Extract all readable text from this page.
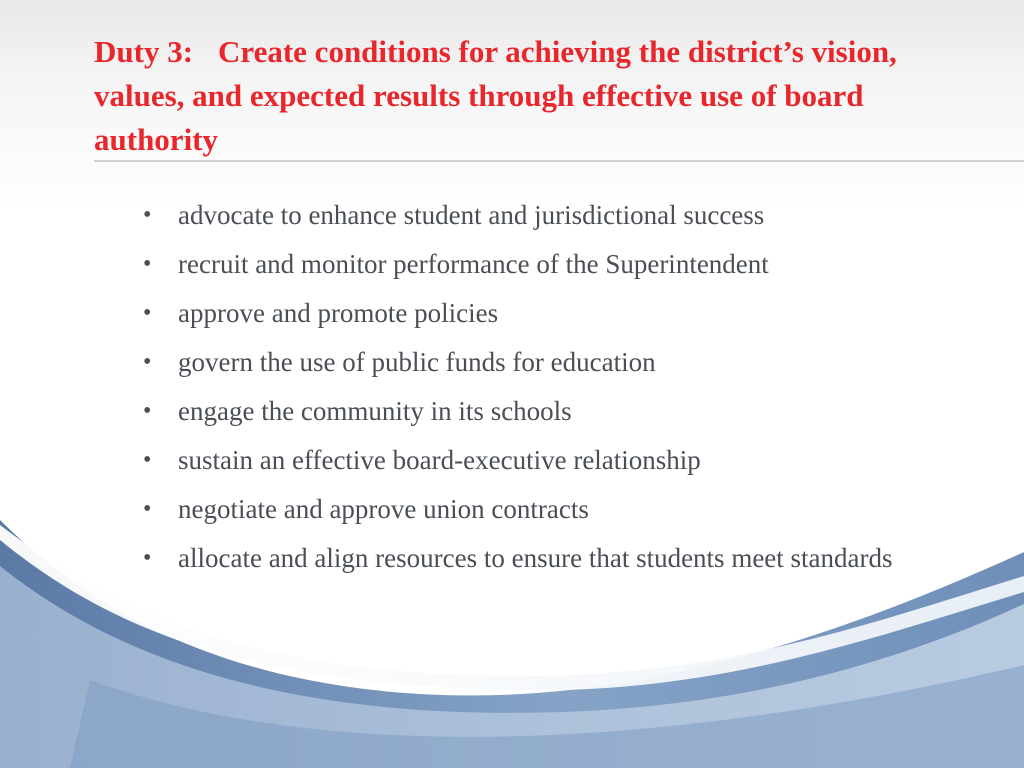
Duty 3:	Create conditions for achieving the district’s vision, values, and expected results through effective use of board authority
• advocate to enhance student and jurisdictional success
• recruit and monitor performance of the Superintendent
• approve and promote policies
• govern the use of public funds for education
• engage the community in its schools
• sustain an effective board-executive relationship
• negotiate and approve union contracts
• allocate and align resources to ensure that students meet standards
